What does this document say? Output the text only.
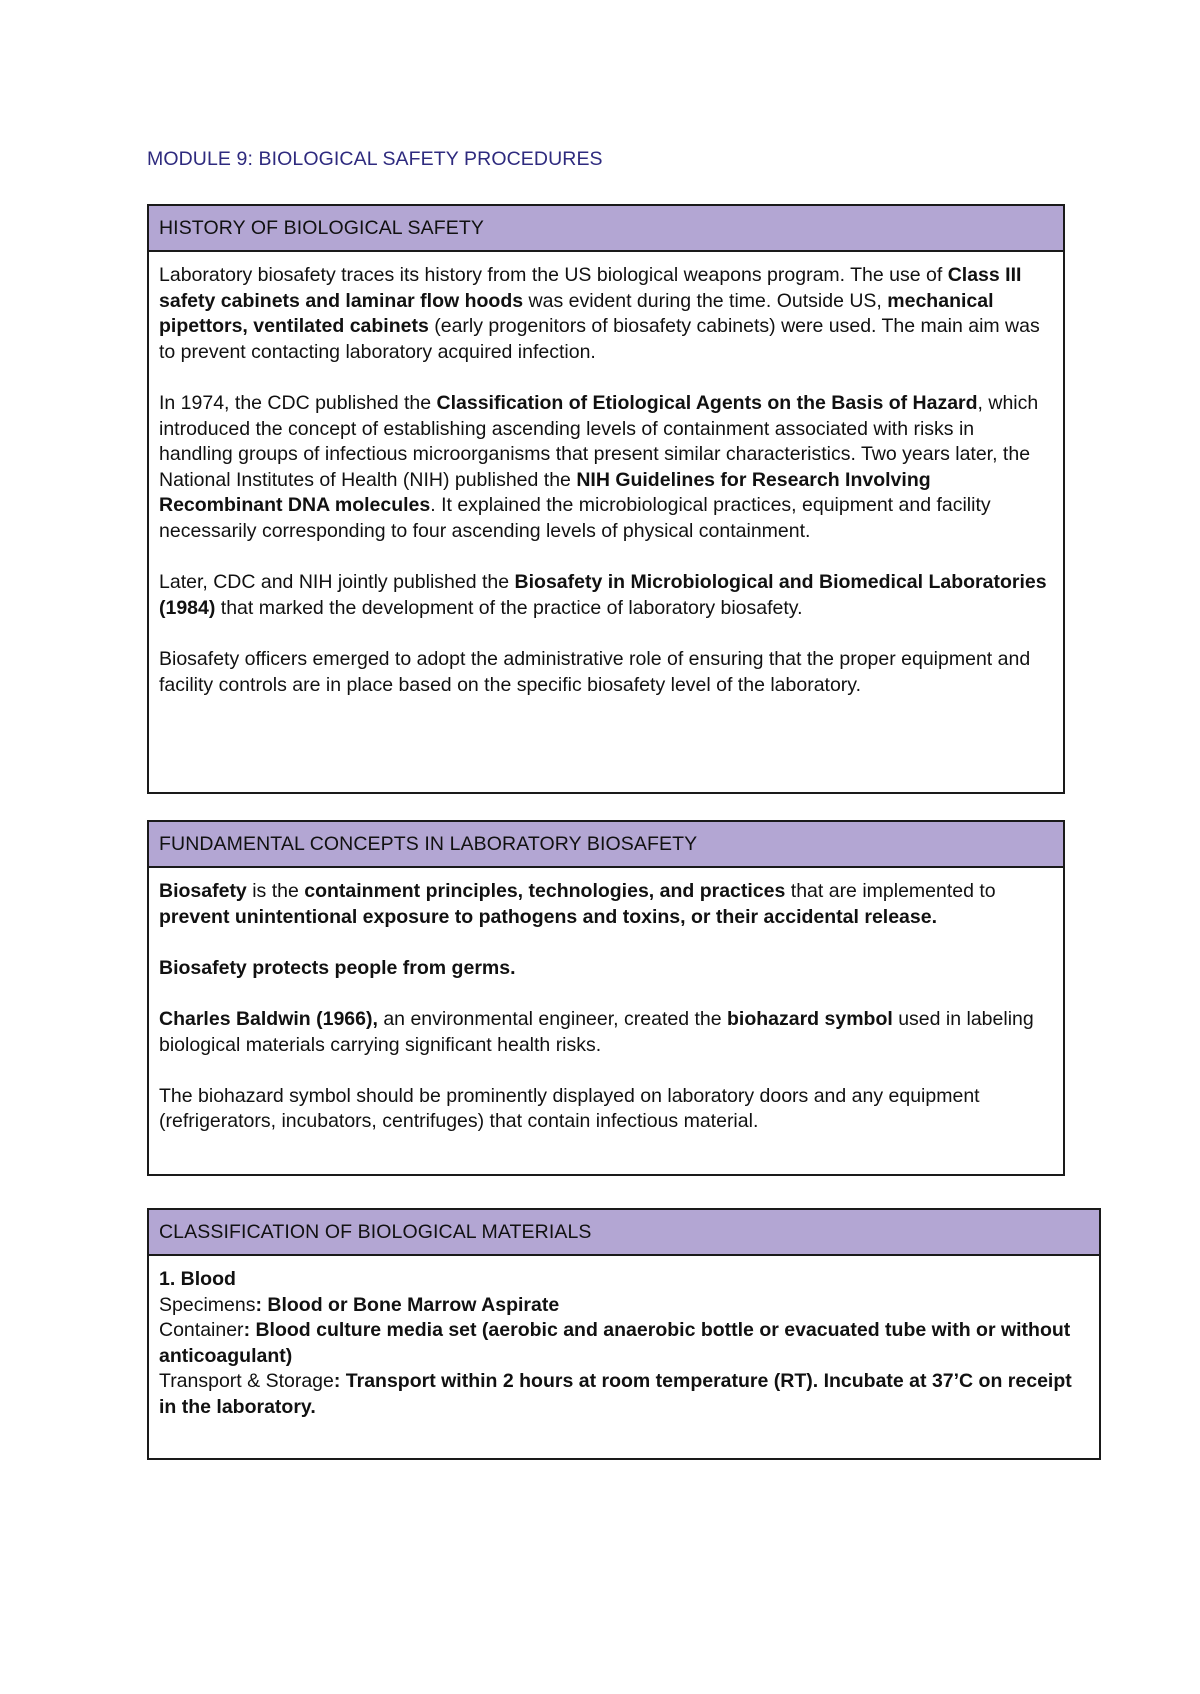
MODULE 9: BIOLOGICAL SAFETY PROCEDURES
HISTORY OF BIOLOGICAL SAFETY

Laboratory biosafety traces its history from the US biological weapons program. The use of Class III safety cabinets and laminar flow hoods was evident during the time. Outside US, mechanical pipettors, ventilated cabinets (early progenitors of biosafety cabinets) were used. The main aim was to prevent contacting laboratory acquired infection.

In 1974, the CDC published the Classification of Etiological Agents on the Basis of Hazard, which introduced the concept of establishing ascending levels of containment associated with risks in handling groups of infectious microorganisms that present similar characteristics. Two years later, the National Institutes of Health (NIH) published the NIH Guidelines for Research Involving Recombinant DNA molecules. It explained the microbiological practices, equipment and facility necessarily corresponding to four ascending levels of physical containment.

Later, CDC and NIH jointly published the Biosafety in Microbiological and Biomedical Laboratories (1984) that marked the development of the practice of laboratory biosafety.

Biosafety officers emerged to adopt the administrative role of ensuring that the proper equipment and facility controls are in place based on the specific biosafety level of the laboratory.

FUNDAMENTAL CONCEPTS IN LABORATORY BIOSAFETY

Biosafety is the containment principles, technologies, and practices that are implemented to prevent unintentional exposure to pathogens and toxins, or their accidental release.

Biosafety protects people from germs.

Charles Baldwin (1966), an environmental engineer, created the biohazard symbol used in labeling biological materials carrying significant health risks.

The biohazard symbol should be prominently displayed on laboratory doors and any equipment (refrigerators, incubators, centrifuges) that contain infectious material.

CLASSIFICATION OF BIOLOGICAL MATERIALS
1. Blood
Specimens: Blood or Bone Marrow Aspirate
Container: Blood culture media set (aerobic and anaerobic bottle or evacuated tube with or without anticoagulant)
Transport & Storage: Transport within 2 hours at room temperature (RT). Incubate at 37’C on receipt in the laboratory.
